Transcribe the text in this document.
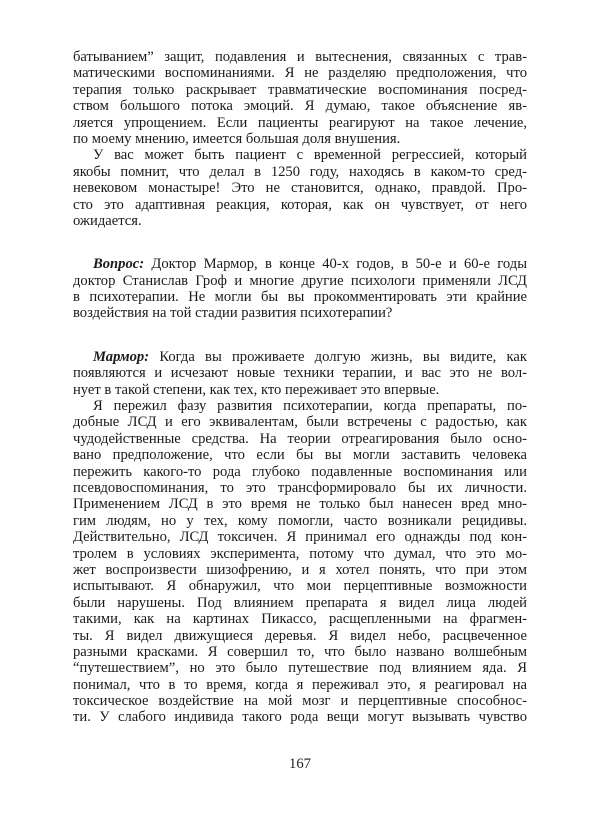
батыванием” защит, подавления и вытеснения, связанных с трав-
матическими воспоминаниями. Я не разделяю предположения, что
терапия только раскрывает травматические воспоминания посред-
ством большого потока эмоций. Я думаю, такое объяснение яв-
ляется упрощением. Если пациенты реагируют на такое лечение,
по моему мнению, имеется большая доля внушения.
У вас может быть пациент с временной регрессией, который
якобы помнит, что делал в 1250 году, находясь в каком-то сред-
невековом монастыре! Это не становится, однако, правдой. Про-
сто это адаптивная реакция, которая, как он чувствует, от него
ожидается.
Вопрос: Доктор Мармор, в конце 40-х годов, в 50-е и 60-е годы
доктор Станислав Гроф и многие другие психологи применяли ЛСД
в психотерапии. Не могли бы вы прокомментировать эти крайние
воздействия на той стадии развития психотерапии?
Мармор: Когда вы проживаете долгую жизнь, вы видите, как
появляются и исчезают новые техники терапии, и вас это не вол-
нует в такой степени, как тех, кто переживает это впервые.
Я пережил фазу развития психотерапии, когда препараты, по-
добные ЛСД и его эквивалентам, были встречены с радостью, как
чудодейственные средства. На теории отреагирования было осно-
вано предположение, что если бы вы могли заставить человека
пережить какого-то рода глубоко подавленные воспоминания или
псевдовоспоминания, то это трансформировало бы их личности.
Применением ЛСД в это время не только был нанесен вред мно-
гим людям, но у тех, кому помогли, часто возникали рецидивы.
Действительно, ЛСД токсичен. Я принимал его однажды под кон-
тролем в условиях эксперимента, потому что думал, что это мо-
жет воспроизвести шизофрению, и я хотел понять, что при этом
испытывают. Я обнаружил, что мои перцептивные возможности
были нарушены. Под влиянием препарата я видел лица людей
такими, как на картинах Пикассо, расщепленными на фрагмен-
ты. Я видел движущиеся деревья. Я видел небо, расцвеченное
разными красками. Я совершил то, что было названо волшебным
“путешествием”, но это было путешествие под влиянием яда. Я
понимал, что в то время, когда я переживал это, я реагировал на
токсическое воздействие на мой мозг и перцептивные способнос-
ти. У слабого индивида такого рода вещи могут вызывать чувство
167
